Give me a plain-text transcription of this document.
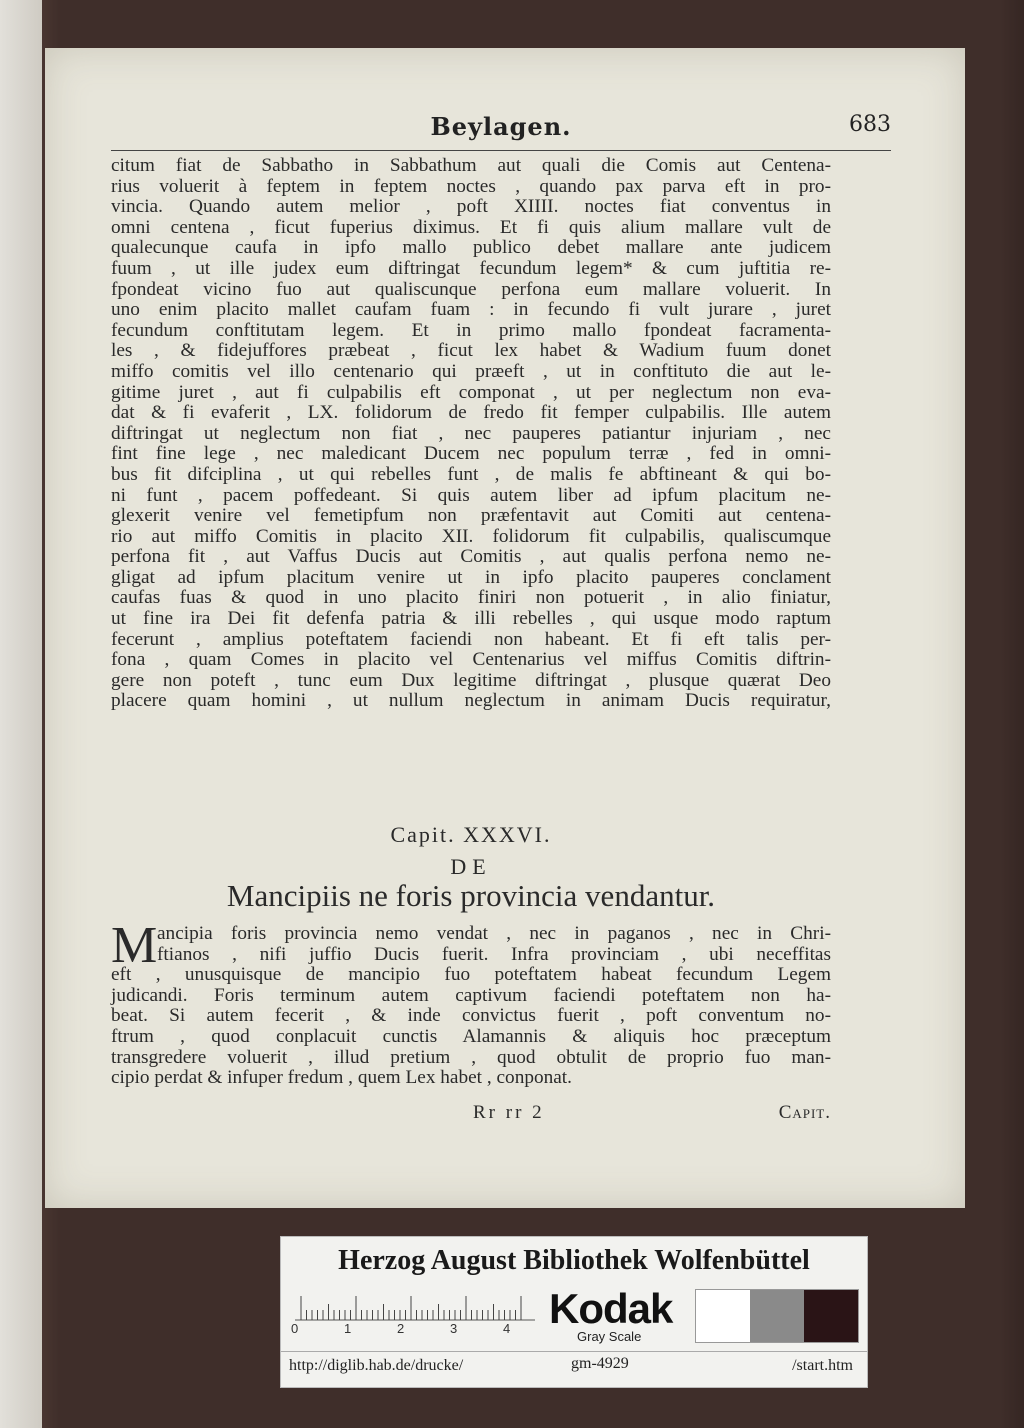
Beylagen.	683
citum fiat de Sabbatho in Sabbathum aut quali die Comis aut Centena-
rius voluerit à feptem in feptem noctes , quando pax parva eft in pro-
vincia. Quando autem melior , poft XIIII. noctes fiat conventus in
omni centena , ficut fuperius diximus. Et fi quis alium mallare vult de
qualecunque caufa in ipfo mallo publico debet mallare ante judicem
fuum , ut ille judex eum diftringat fecundum legem* & cum juftitia re-
fpondeat vicino fuo aut qualiscunque perfona eum mallare voluerit. In
uno enim placito mallet caufam fuam : in fecundo fi vult jurare , juret
fecundum conftitutam legem. Et in primo mallo fpondeat facramenta-
les , & fidejuffores præbeat , ficut lex habet & Wadium fuum donet
miffo comitis vel illo centenario qui præeft , ut in conftituto die aut le-
gitime juret , aut fi culpabilis eft componat , ut per neglectum non eva-
dat & fi evaferit , LX. folidorum de fredo fit femper culpabilis. Ille autem
diftringat ut neglectum non fiat , nec pauperes patiantur injuriam , nec
fint fine lege , nec maledicant Ducem nec populum terræ , fed in omni-
bus fit difciplina , ut qui rebelles funt , de malis fe abftineant & qui bo-
ni funt , pacem poffedeant. Si quis autem liber ad ipfum placitum ne-
glexerit venire vel femetipfum non præfentavit aut Comiti aut centena-
rio aut miffo Comitis in placito XII. folidorum fit culpabilis, qualiscumque
perfona fit , aut Vaffus Ducis aut Comitis , aut qualis perfona nemo ne-
gligat ad ipfum placitum venire ut in ipfo placito pauperes conclament
caufas fuas & quod in uno placito finiri non potuerit , in alio finiatur,
ut fine ira Dei fit defenfa patria & illi rebelles , qui usque modo raptum
fecerunt , amplius poteftatem faciendi non habeant. Et fi eft talis per-
fona , quam Comes in placito vel Centenarius vel miffus Comitis diftrin-
gere non poteft , tunc eum Dux legitime diftringat , plusque quærat Deo
placere quam homini , ut nullum neglectum in animam Ducis requiratur,
Capit. XXXVI.
DE
Mancipiis ne foris provincia vendantur.
M ancipia foris provincia nemo vendat , nec in paganos , nec in Chri-
ftianos , nifi juffio Ducis fuerit. Infra provinciam , ubi neceffitas
eft , unusquisque de mancipio fuo poteftatem habeat fecundum Legem
judicandi. Foris terminum autem captivum faciendi poteftatem non ha-
beat. Si autem fecerit , & inde convictus fuerit , poft conventum no-
ftrum , quod conplacuit cunctis Alamannis & aliquis hoc præceptum
transgredere voluerit , illud pretium , quod obtulit de proprio fuo man-
cipio perdat & infuper fredum , quem Lex habet , conponat.
Rr rr 2	Capit.
Herzog August Bibliothek Wolfenbüttel
0	1	2	3	4 Kodak
Gray Scale
http://diglib.hab.de/drucke/	gm-4929	/start.htm
